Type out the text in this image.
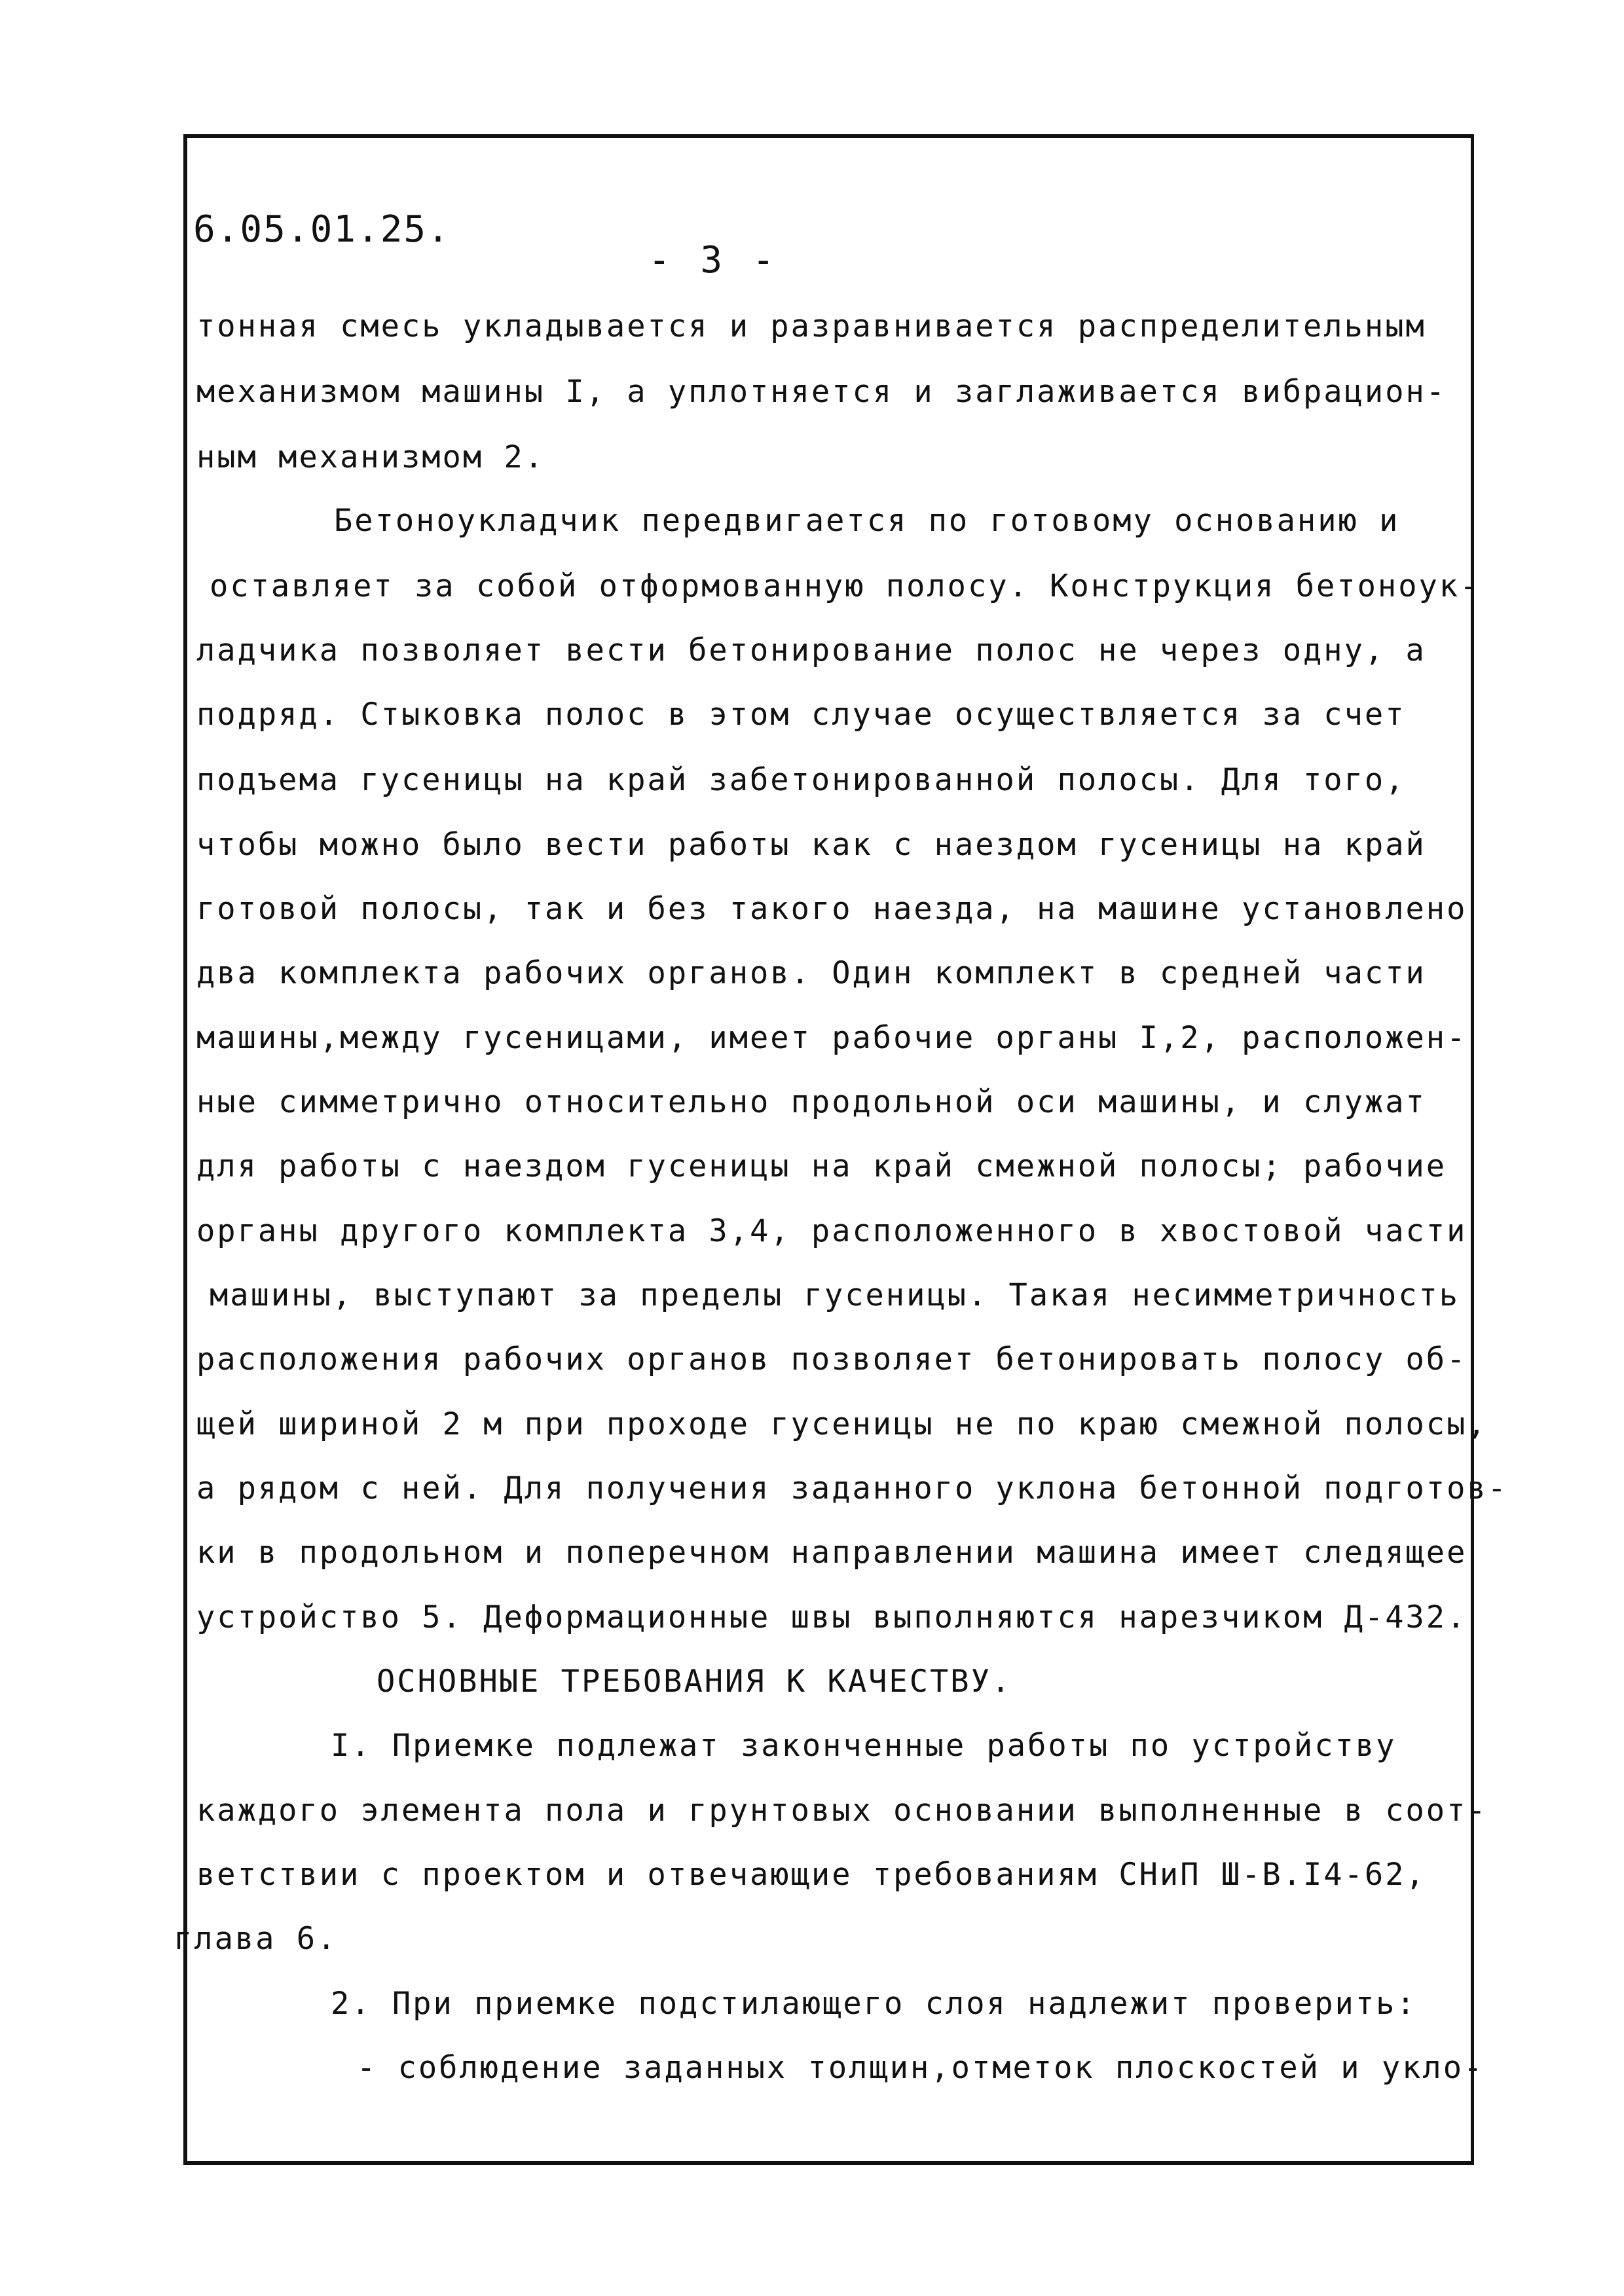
6.05.01.25.
- 3 -
тонная смесь укладывается и разравнивается распределительным
механизмом машины I, а уплотняется и заглаживается вибрацион-
ным механизмом 2.
Бетоноукладчик передвигается по готовому основанию и
оставляет за собой отформованную полосу. Конструкция бетоноук-
ладчика позволяет вести бетонирование полос не через одну, а
подряд. Стыковка полос в этом случае осуществляется за счет
подъема гусеницы на край забетонированной полосы. Для того,
чтобы можно было вести работы как с наездом гусеницы на край
готовой полосы, так и без такого наезда, на машине установлено
два комплекта рабочих органов. Один комплект в средней части
машины,между гусеницами, имеет рабочие органы I,2, расположен-
ные симметрично относительно продольной оси машины, и служат
для работы с наездом гусеницы на край смежной полосы; рабочие
органы другого комплекта 3,4, расположенного в хвостовой части
машины, выступают за пределы гусеницы. Такая несимметричность
расположения рабочих органов позволяет бетонировать полосу об-
щей шириной 2 м при проходе гусеницы не по краю смежной полосы,
а рядом с ней. Для получения заданного уклона бетонной подготов-
ки в продольном и поперечном направлении машина имеет следящее
устройство 5. Деформационные швы выполняются нарезчиком Д-432.
ОСНОВНЫЕ ТРЕБОВАНИЯ К КАЧЕСТВУ.
I. Приемке подлежат законченные работы по устройству
каждого элемента пола и грунтовых основании выполненные в соот-
ветствии с проектом и отвечающие требованиям СНиП Ш-В.I4-62,
глава 6.
2. При приемке подстилающего слоя надлежит проверить:
- соблюдение заданных толщин,отметок плоскостей и укло-
